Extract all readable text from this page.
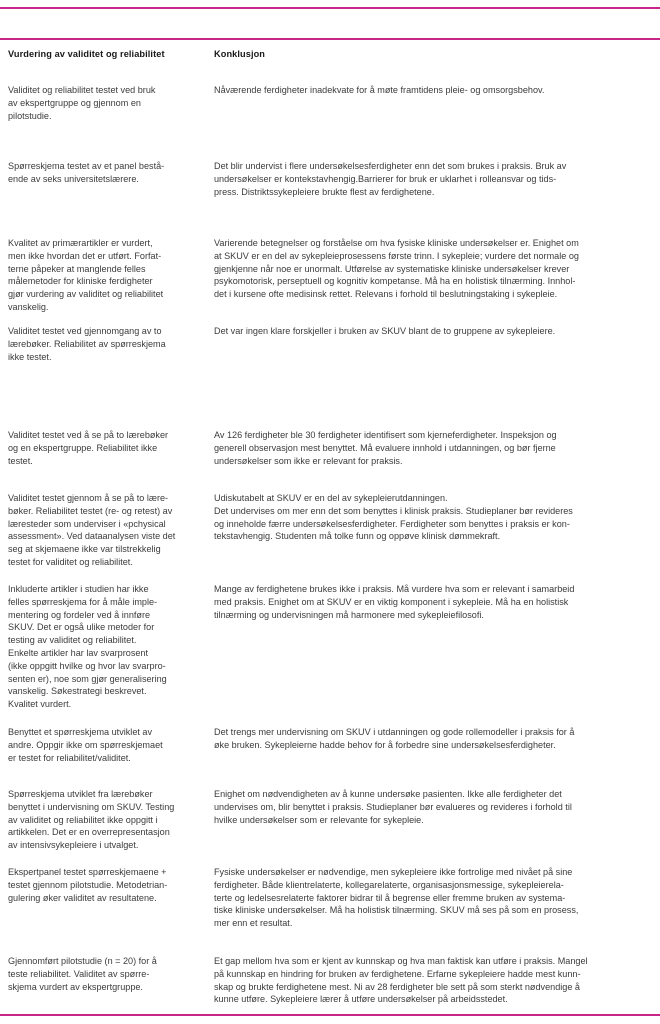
Vurdering av validitet og reliabilitet	Konklusjon
Validitet og reliabilitet testet ved bruk
av ekspertgruppe og gjennom en
pilotstudie.
Nåværende ferdigheter inadekvate for å møte framtidens pleie- og omsorgsbehov.
Spørreskjema testet av et panel bestå-
ende av seks universitetslærere.
Det blir undervist i flere undersøkelsesferdigheter enn det som brukes i praksis. Bruk av
undersøkelser er kontekstavhengig.Barrierer for bruk er uklarhet i rolleansvar og tids-
press. Distriktssykepleiere brukte flest av ferdighetene.
Kvalitet av primærartikler er vurdert,
men ikke hvordan det er utført. Forfat-
terne påpeker at manglende felles
målemetoder for kliniske ferdigheter
gjør vurdering av validitet og reliabilitet
vanskelig.
Varierende betegnelser og forståelse om hva fysiske kliniske undersøkelser er. Enighet om
at SKUV er en del av sykepleieprosessens første trinn. I sykepleie; vurdere det normale og
gjenkjenne når noe er unormalt. Utførelse av systematiske kliniske undersøkelser krever
psykomotorisk, perseptuell og kognitiv kompetanse. Må ha en holistisk tilnærming. Innhol-
det i kursene ofte medisinsk rettet. Relevans i forhold til beslutningstaking i sykepleie.
Validitet testet ved gjennomgang av to
lærebøker. Reliabilitet av spørreskjema
ikke testet.
Det var ingen klare forskjeller i bruken av SKUV blant de to gruppene av sykepleiere.
Validitet testet ved å se på to lærebøker
og en ekspertgruppe. Reliabilitet ikke
testet.
Av 126 ferdigheter ble 30 ferdigheter identifisert som kjerneferdigheter. Inspeksjon og
generell observasjon mest benyttet. Må evaluere innhold i utdanningen, og bør fjerne
undersøkelser som ikke er relevant for praksis.
Validitet testet gjennom å se på to lære-
bøker. Reliabilitet testet (re- og retest) av
læresteder som underviser i «pchysical
assessment». Ved dataanalysen viste det
seg at skjemaene ikke var tilstrekkelig
testet for validitet og reliabilitet.
Udiskutabelt at SKUV er en del av sykepleierutdanningen.
Det undervises om mer enn det som benyttes i klinisk praksis. Studieplaner bør revideres
og inneholde færre undersøkelsesferdigheter. Ferdigheter som benyttes i praksis er kon-
tekstavhengig. Studenten må tolke funn og oppøve klinisk dømmekraft.
Inkluderte artikler i studien har ikke
felles spørreskjema for å måle imple-
mentering og fordeler ved å innføre
SKUV. Det er også ulike metoder for
testing av validitet og reliabilitet.
Enkelte artikler har lav svarprosent
(ikke oppgitt hvilke og hvor lav svarpro-
senten er), noe som gjør generalisering
vanskelig. Søkestrategi beskrevet.
Kvalitet vurdert.
Mange av ferdighetene brukes ikke i praksis. Må vurdere hva som er relevant i samarbeid
med praksis. Enighet om at SKUV er en viktig komponent i sykepleie. Må ha en holistisk
tilnærming og undervisningen må harmonere med sykepleiefilosofi.
Benyttet et spørreskjema utviklet av
andre. Oppgir ikke om spørreskjemaet
er testet for reliabilitet/validitet.
Det trengs mer undervisning om SKUV i utdanningen og gode rollemodeller i praksis for å
øke bruken. Sykepleierne hadde behov for å forbedre sine undersøkelsesferdigheter.
Spørreskjema utviklet fra lærebøker
benyttet i undervisning om SKUV. Testing
av validitet og reliabilitet ikke oppgitt i
artikkelen. Det er en overrepresentasjon
av intensivsykepleiere i utvalget.
Enighet om nødvendigheten av å kunne undersøke pasienten. Ikke alle ferdigheter det
undervises om, blir benyttet i praksis. Studieplaner bør evalueres og revideres i forhold til
hvilke undersøkelser som er relevante for sykepleie.
Ekspertpanel testet spørreskjemaene +
testet gjennom pilotstudie. Metodetrian-
gulering øker validitet av resultatene.
Fysiske undersøkelser er nødvendige, men sykepleiere ikke fortrolige med nivået på sine
ferdigheter. Både klientrelaterte, kollegarelaterte, organisasjonsmessige, sykepleierela-
terte og ledelsesrelaterte faktorer bidrar til å begrense eller fremme bruken av systema-
tiske kliniske undersøkelser. Må ha holistisk tilnærming. SKUV må ses på som en prosess,
mer enn et resultat.
Gjennomført pilotstudie (n = 20) for å
teste reliabilitet. Validitet av spørre-
skjema vurdert av ekspertgruppe.
Et gap mellom hva som er kjent av kunnskap og hva man faktisk kan utføre i praksis. Mangel
på kunnskap en hindring for bruken av ferdighetene. Erfarne sykepleiere hadde mest kunn-
skap og brukte ferdighetene mest. Ni av 28 ferdigheter ble sett på som sterkt nødvendige å
kunne utføre. Sykepleiere lærer å utføre undersøkelser på arbeidsstedet.
